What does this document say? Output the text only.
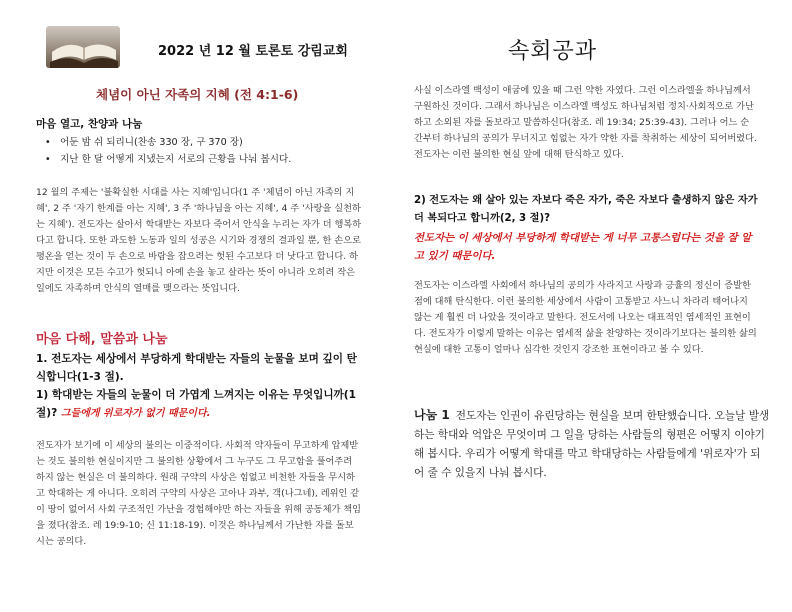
2022 년 12 월 토론토 강림교회	속회공과
체념이 아닌 자족의 지혜 (전 4:1-6)
마음 열고, 찬양과 나눔
• 어둔 밤 쉬 되리니(찬송 330 장, 구 370 장)
• 지난 한 달 어떻게 지냈는지 서로의 근황을 나눠 봅시다.
12 월의 주제는 '불확실한 시대를 사는 지혜'입니다(1 주 '체념이 아닌 자족의 지혜', 2 주 '자기 한계를 아는 지혜', 3 주 '하나님을 아는 지혜', 4 주 '사랑을 실천하는 지혜'). 전도자는 살아서 학대받는 자보다 죽어서 안식을 누리는 자가 더 행복하다고 합니다. 또한 과도한 노동과 일의 성공은 시기와 경쟁의 결과일 뿐, 한 손으로 평온을 얻는 것이 두 손으로 바람을 잡으려는 헛된 수고보다 더 낫다고 합니다. 하지만 이것은 모든 수고가 헛되니 아예 손을 놓고 살라는 뜻이 아니라 오히려 작은 일에도 자족하며 안식의 열매를 맺으라는 뜻입니다.
마음 다해, 말씀과 나눔
1. 전도자는 세상에서 부당하게 학대받는 자들의 눈물을 보며 깊이 탄식합니다(1-3 절).
1) 학대받는 자들의 눈물이 더 가엽게 느껴지는 이유는 무엇입니까(1 절)? 그들에게 위로자가 없기 때문이다.
전도자가 보기에 이 세상의 불의는 이중적이다. 사회적 약자들이 무고하게 압제받는 것도 불의한 현실이지만 그 불의한 상황에서 그 누구도 그 무고함을 풀어주려 하지 않는 현실은 더 불의하다. 원래 구약의 사상은 힘없고 비천한 자들을 무시하고 학대하는 게 아니다. 오히려 구약의 사상은 고아나 과부, 객(나그네), 레위인 같이 땅이 없어서 사회 구조적인 가난을 경험해야만 하는 자들을 위해 공동체가 책임을 졌다(참조. 레 19:9-10; 신 11:18-19). 이것은 하나님께서 가난한 자를 돌보시는 공의다.
사실 이스라엘 백성이 애굽에 있을 때 그런 약한 자였다. 그런 이스라엘을 하나님께서 구원하신 것이다. 그래서 하나님은 이스라엘 백성도 하나님처럼 정치·사회적으로 가난하고 소외된 자를 돌보라고 말씀하신다(참조. 레 19:34; 25:39-43). 그러나 어느 순간부터 하나님의 공의가 무너지고 힘없는 자가 약한 자를 착취하는 세상이 되어버렸다. 전도자는 이런 불의한 현실 앞에 대해 탄식하고 있다.
2) 전도자는 왜 살아 있는 자보다 죽은 자가, 죽은 자보다 출생하지 않은 자가 더 복되다고 합니까(2, 3 절)?
전도자는 이 세상에서 부당하게 학대받는 게 너무 고통스럽다는 것을 잘 알고 있기 때문이다.
전도자는 이스라엘 사회에서 하나님의 공의가 사라지고 사랑과 긍휼의 정신이 증발한 점에 대해 탄식한다. 이런 불의한 세상에서 사람이 고통받고 사느니 차라리 태어나지 않는 게 훨씬 더 나았을 것이라고 말한다. 전도서에 나오는 대표적인 염세적인 표현이다. 전도자가 이렇게 말하는 이유는 염세적 삶을 찬양하는 것이라기보다는 불의한 삶의 현실에 대한 고통이 얼마나 심각한 것인지 강조한 표현이라고 볼 수 있다.
나눔 1 전도자는 인권이 유린당하는 현실을 보며 한탄했습니다. 오늘날 발생하는 학대와 억압은 무엇이며 그 일을 당하는 사람들의 형편은 어떻지 이야기해 봅시다. 우리가 어떻게 학대를 막고 학대당하는 사람들에게 '위로자'가 되어 줄 수 있을지 나눠 봅시다.
